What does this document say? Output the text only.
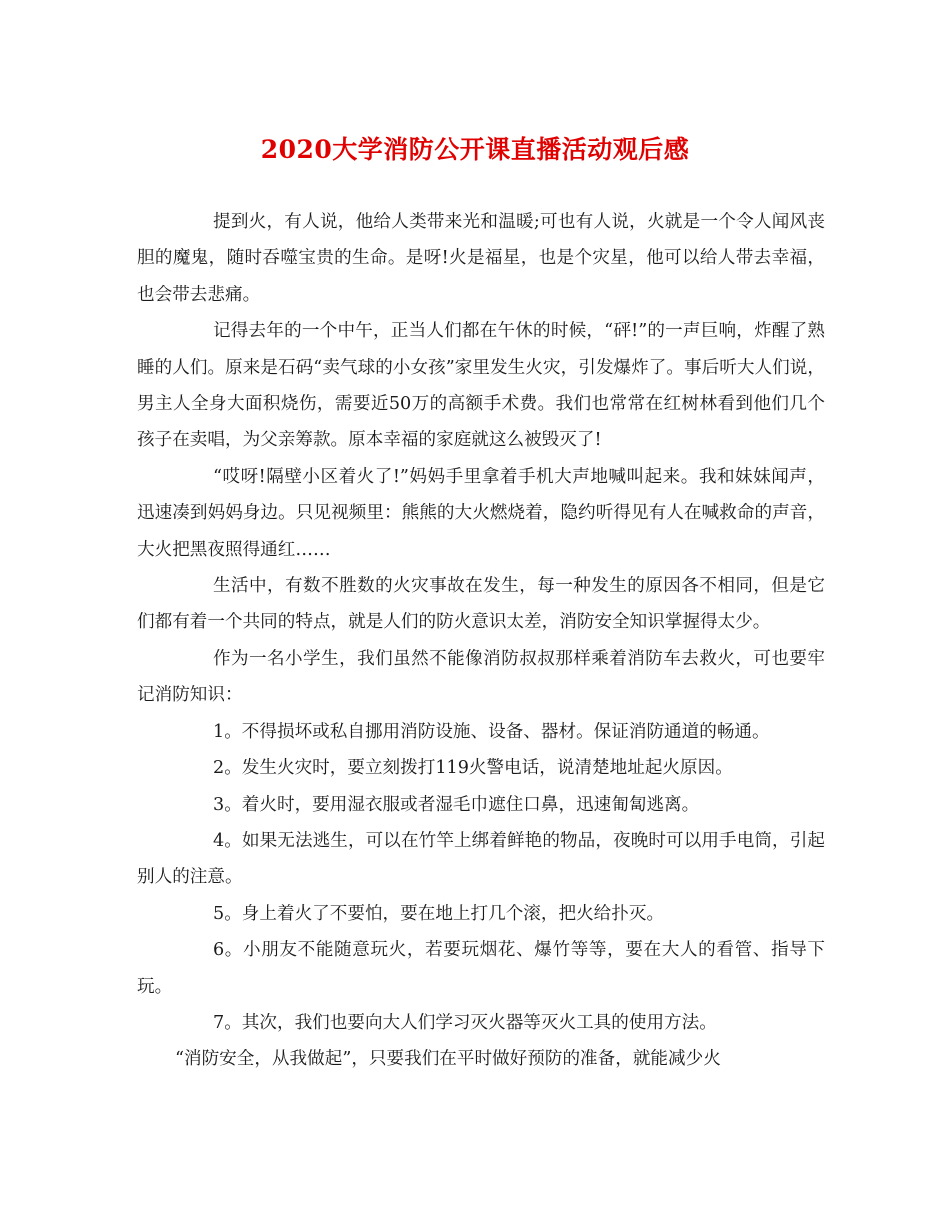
2020大学消防公开课直播活动观后感

提到火，有人说，他给人类带来光和温暖;可也有人说，火就是一个令人闻风丧胆的魔鬼，随时吞噬宝贵的生命。是呀!火是福星，也是个灾星，他可以给人带去幸福，也会带去悲痛。

记得去年的一个中午，正当人们都在午休的时候，“砰!”的一声巨响，炸醒了熟睡的人们。原来是石码“卖气球的小女孩”家里发生火灾，引发爆炸了。事后听大人们说，男主人全身大面积烧伤，需要近50万的高额手术费。我们也常常在红树林看到他们几个孩子在卖唱，为父亲筹款。原本幸福的家庭就这么被毁灭了!

“哎呀!隔壁小区着火了!”妈妈手里拿着手机大声地喊叫起来。我和妹妹闻声，迅速凑到妈妈身边。只见视频里：熊熊的大火燃烧着，隐约听得见有人在喊救命的声音，大火把黑夜照得通红……

生活中，有数不胜数的火灾事故在发生，每一种发生的原因各不相同，但是它们都有着一个共同的特点，就是人们的防火意识太差，消防安全知识掌握得太少。

作为一名小学生，我们虽然不能像消防叔叔那样乘着消防车去救火，可也要牢记消防知识：

1。不得损坏或私自挪用消防设施、设备、器材。保证消防通道的畅通。

2。发生火灾时，要立刻拨打119火警电话，说清楚地址起火原因。

3。着火时，要用湿衣服或者湿毛巾遮住口鼻，迅速匍匐逃离。

4。如果无法逃生，可以在竹竿上绑着鲜艳的物品，夜晚时可以用手电筒，引起别人的注意。

5。身上着火了不要怕，要在地上打几个滚，把火给扑灭。

6。小朋友不能随意玩火，若要玩烟花、爆竹等等，要在大人的看管、指导下玩。

7。其次，我们也要向大人们学习灭火器等灭火工具的使用方法。

“消防安全，从我做起”，只要我们在平时做好预防的准备，就能减少火
